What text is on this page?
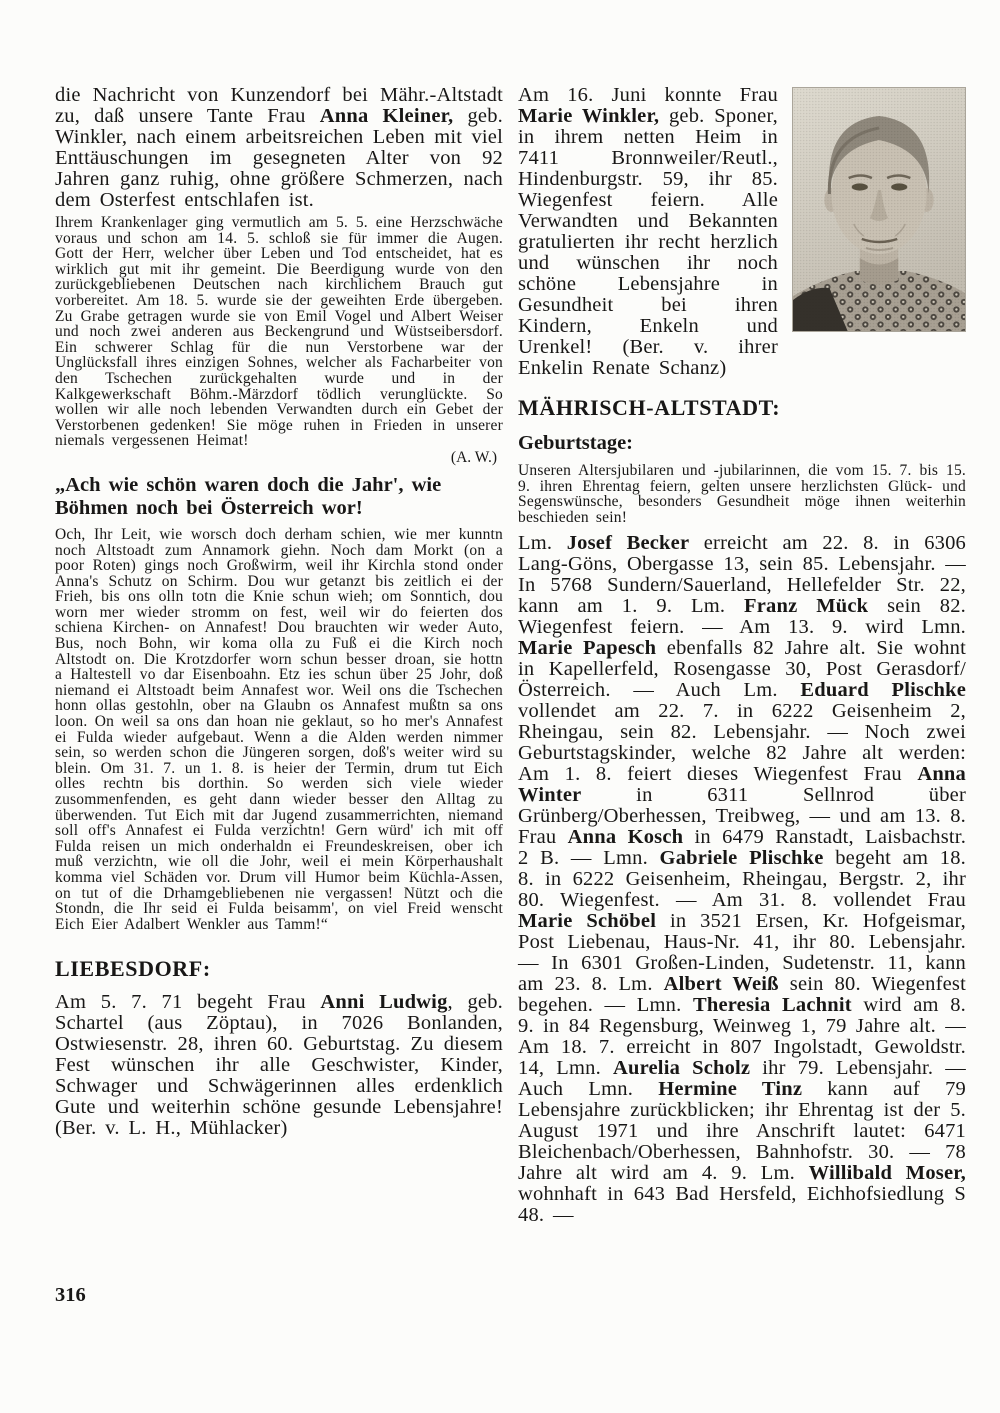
die Nachricht von Kunzendorf bei Mähr.-Altstadt zu, daß unsere Tante Frau Anna Kleiner, geb. Winkler, nach einem arbeitsreichen Leben mit viel Enttäuschungen im gesegneten Alter von 92 Jahren ganz ruhig, ohne größere Schmerzen, nach dem Osterfest entschlafen ist.

Ihrem Krankenlager ging vermutlich am 5. 5. eine Herzschwäche voraus und schon am 14. 5. schloß sie für immer die Augen. Gott der Herr, welcher über Leben und Tod entscheidet, hat es wirklich gut mit ihr gemeint. Die Beerdigung wurde von den zurückgebliebenen Deutschen nach kirchlichem Brauch gut vorbereitet. Am 18. 5. wurde sie der geweihten Erde übergeben. Zu Grabe getragen wurde sie von Emil Vogel und Albert Weiser und noch zwei anderen aus Beckengrund und Wüstseibersdorf. Ein schwerer Schlag für die nun Verstorbene war der Unglücksfall ihres einzigen Sohnes, welcher als Facharbeiter von den Tschechen zurückgehalten wurde und in der Kalkgewerkschaft Böhm.-Märzdorf tödlich verunglückte. So wollen wir alle noch lebenden Verwandten durch ein Gebet der Verstorbenen gedenken! Sie möge ruhen in Frieden in unserer niemals vergessenen Heimat!

(A. W.)
„Ach wie schön waren doch die Jahr', wie Böhmen noch bei Österreich wor!

Och, Ihr Leit, wie worsch doch derham schien, wie mer kunntn noch Altstoadt zum Annamork giehn. Noch dam Morkt (on a poor Roten) gings noch Großwirm, weil ihr Kirchla stond onder Anna's Schutz on Schirm. Dou wur getanzt bis zeitlich ei der Frieh, bis ons olln totn die Knie schun wieh; om Sonntich, dou worn mer wieder stromm on fest, weil wir do feierten dos schiena Kirchen- on Annafest! Dou brauchten wir weder Auto, Bus, noch Bohn, wir koma olla zu Fuß ei die Kirch noch Altstodt on. Die Krotzdorfer worn schun besser droan, sie hottn a Haltestell vo dar Eisenboahn. Etz ies schun über 25 Johr, doß niemand ei Altstoadt beim Annafest wor. Weil ons die Tschechen honn ollas gestohln, ober na Glaubn os Annafest mußtn sa ons loon. On weil sa ons dan hoan nie geklaut, so ho mer's Annafest ei Fulda wieder aufgebaut. Wenn a die Alden werden nimmer sein, so werden schon die Jüngeren sorgen, doß's weiter wird su blein. Om 31. 7. un 1. 8. is heier der Termin, drum tut Eich olles rechtn bis dorthin. So werden sich viele wieder zusommenfenden, es geht dann wieder besser den Alltag zu überwenden. Tut Eich mit dar Jugend zusammerrichten, niemand soll off's Annafest ei Fulda verzichtn! Gern würd' ich mit off Fulda reisen un mich onderhaldn ei Freundeskreisen, ober ich muß verzichtn, wie oll die Johr, weil ei mein Körperhaushalt komma viel Schäden vor. Drum vill Humor beim Küchla-Assen, on tut of die Drhamgebliebenen nie vergassen! Nützt och die Stondn, die Ihr seid ei Fulda beisamm', on viel Freid wenscht Eich Eier Adalbert Wenkler aus Tamm!“

LIEBESDORF:

Am 5. 7. 71 begeht Frau Anni Ludwig, geb. Schartel (aus Zöptau), in 7026 Bonlanden, Ostwiesenstr. 28, ihren 60. Geburtstag. Zu diesem Fest wünschen ihr alle Geschwister, Kinder, Schwager und Schwägerinnen alles erdenklich Gute und weiterhin schöne gesunde Lebensjahre! (Ber. v. L. H., Mühlacker)

Am 16. Juni konnte Frau Marie Winkler, geb. Sponer, in ihrem netten Heim in 7411 Bronnweiler/Reutl., Hindenburgstr. 59, ihr 85. Wiegenfest feiern. Alle Verwandten und Bekannten gratulierten ihr recht herzlich und wünschen ihr noch schöne Lebensjahre in Gesundheit bei ihren Kindern, Enkeln und Urenkel! (Ber. v. ihrer Enkelin Renate Schanz)

MÄHRISCH-ALTSTADT:
Geburtstage:

Unseren Altersjubilaren und -jubilarinnen, die vom 15. 7. bis 15. 9. ihren Ehrentag feiern, gelten unsere herzlichsten Glück- und Segenswünsche, besonders Gesundheit möge ihnen weiterhin beschieden sein!

Lm. Josef Becker erreicht am 22. 8. in 6306 Lang-Göns, Obergasse 13, sein 85. Lebensjahr. — In 5768 Sundern/Sauerland, Hellefelder Str. 22, kann am 1. 9. Lm. Franz Mück sein 82. Wiegenfest feiern. — Am 13. 9. wird Lmn. Marie Papesch ebenfalls 82 Jahre alt. Sie wohnt in Kapellerfeld, Rosengasse 30, Post Gerasdorf/Österreich. — Auch Lm. Eduard Plischke vollendet am 22. 7. in 6222 Geisenheim 2, Rheingau, sein 82. Lebensjahr. — Noch zwei Geburtstagskinder, welche 82 Jahre alt werden: Am 1. 8. feiert dieses Wiegenfest Frau Anna Winter in 6311 Sellnrod über Grünberg/Oberhessen, Treibweg, — und am 13. 8. Frau Anna Kosch in 6479 Ranstadt, Laisbachstr. 2 B. — Lmn. Gabriele Plischke begeht am 18. 8. in 6222 Geisenheim, Rheingau, Bergstr. 2, ihr 80. Wiegenfest. — Am 31. 8. vollendet Frau Marie Schöbel in 3521 Ersen, Kr. Hofgeismar, Post Liebenau, Haus-Nr. 41, ihr 80. Lebensjahr. — In 6301 Großen-Linden, Sudetenstr. 11, kann am 23. 8. Lm. Albert Weiß sein 80. Wiegenfest begehen. — Lmn. Theresia Lachnit wird am 8. 9. in 84 Regensburg, Weinweg 1, 79 Jahre alt. — Am 18. 7. erreicht in 807 Ingolstadt, Gewoldstr. 14, Lmn. Aurelia Scholz ihr 79. Lebensjahr. — Auch Lmn. Hermine Tinz kann auf 79 Lebensjahre zurückblicken; ihr Ehrentag ist der 5. August 1971 und ihre Anschrift lautet: 6471 Bleichenbach/Oberhessen, Bahnhofstr. 30. — 78 Jahre alt wird am 4. 9. Lm. Willibald Moser, wohnhaft in 643 Bad Hersfeld, Eichhofsiedlung S 48. —

316
